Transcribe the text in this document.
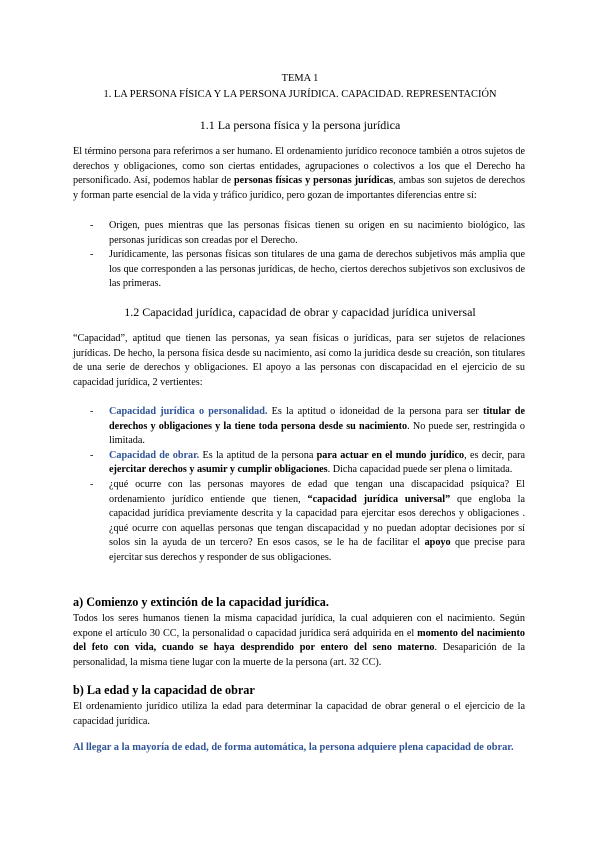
TEMA 1
1. LA PERSONA FÍSICA Y LA PERSONA JURÍDICA. CAPACIDAD. REPRESENTACIÓN
1.1 La persona física y la persona jurídica

El término persona para referirnos a ser humano. El ordenamiento jurídico reconoce también a otros sujetos de derechos y obligaciones, como son ciertas entidades, agrupaciones o colectivos a los que el Derecho ha personificado. Así, podemos hablar de personas físicas y personas jurídicas, ambas son sujetos de derechos y forman parte esencial de la vida y tráfico jurídico, pero gozan de importantes diferencias entre sí:

- Origen, pues mientras que las personas físicas tienen su origen en su nacimiento biológico, las personas jurídicas son creadas por el Derecho.
- Jurídicamente, las personas físicas son titulares de una gama de derechos subjetivos más amplia que los que corresponden a las personas jurídicas, de hecho, ciertos derechos subjetivos son exclusivos de las primeras.
1.2 Capacidad jurídica, capacidad de obrar y capacidad jurídica universal

“Capacidad”, aptitud que tienen las personas, ya sean físicas o jurídicas, para ser sujetos de relaciones jurídicas. De hecho, la persona física desde su nacimiento, así como la jurídica desde su creación, son titulares de una serie de derechos y obligaciones. El apoyo a las personas con discapacidad en el ejercicio de su capacidad jurídica, 2 vertientes:

- Capacidad jurídica o personalidad. Es la aptitud o idoneidad de la persona para ser titular de derechos y obligaciones y la tiene toda persona desde su nacimiento. No puede ser, restringida o limitada.
- Capacidad de obrar. Es la aptitud de la persona para actuar en el mundo jurídico, es decir, para ejercitar derechos y asumir y cumplir obligaciones. Dicha capacidad puede ser plena o limitada.
- ¿qué ocurre con las personas mayores de edad que tengan una discapacidad psíquica? El ordenamiento jurídico entiende que tienen, “capacidad jurídica universal” que engloba la capacidad jurídica previamente descrita y la capacidad para ejercitar esos derechos y obligaciones . ¿qué ocurre con aquellas personas que tengan discapacidad y no puedan adoptar decisiones por sí solos sin la ayuda de un tercero? En esos casos, se le ha de facilitar el apoyo que precise para ejercitar sus derechos y responder de sus obligaciones.

a) Comienzo y extinción de la capacidad jurídica.

Todos los seres humanos tienen la misma capacidad jurídica, la cual adquieren con el nacimiento. Según expone el artículo 30 CC, la personalidad o capacidad jurídica será adquirida en el momento del nacimiento del feto con vida, cuando se haya desprendido por entero del seno materno. Desaparición de la personalidad, la misma tiene lugar con la muerte de la persona (art. 32 CC).

b) La edad y la capacidad de obrar

El ordenamiento jurídico utiliza la edad para determinar la capacidad de obrar general o el ejercicio de la capacidad jurídica.

Al llegar a la mayoría de edad, de forma automática, la persona adquiere plena capacidad de obrar.
